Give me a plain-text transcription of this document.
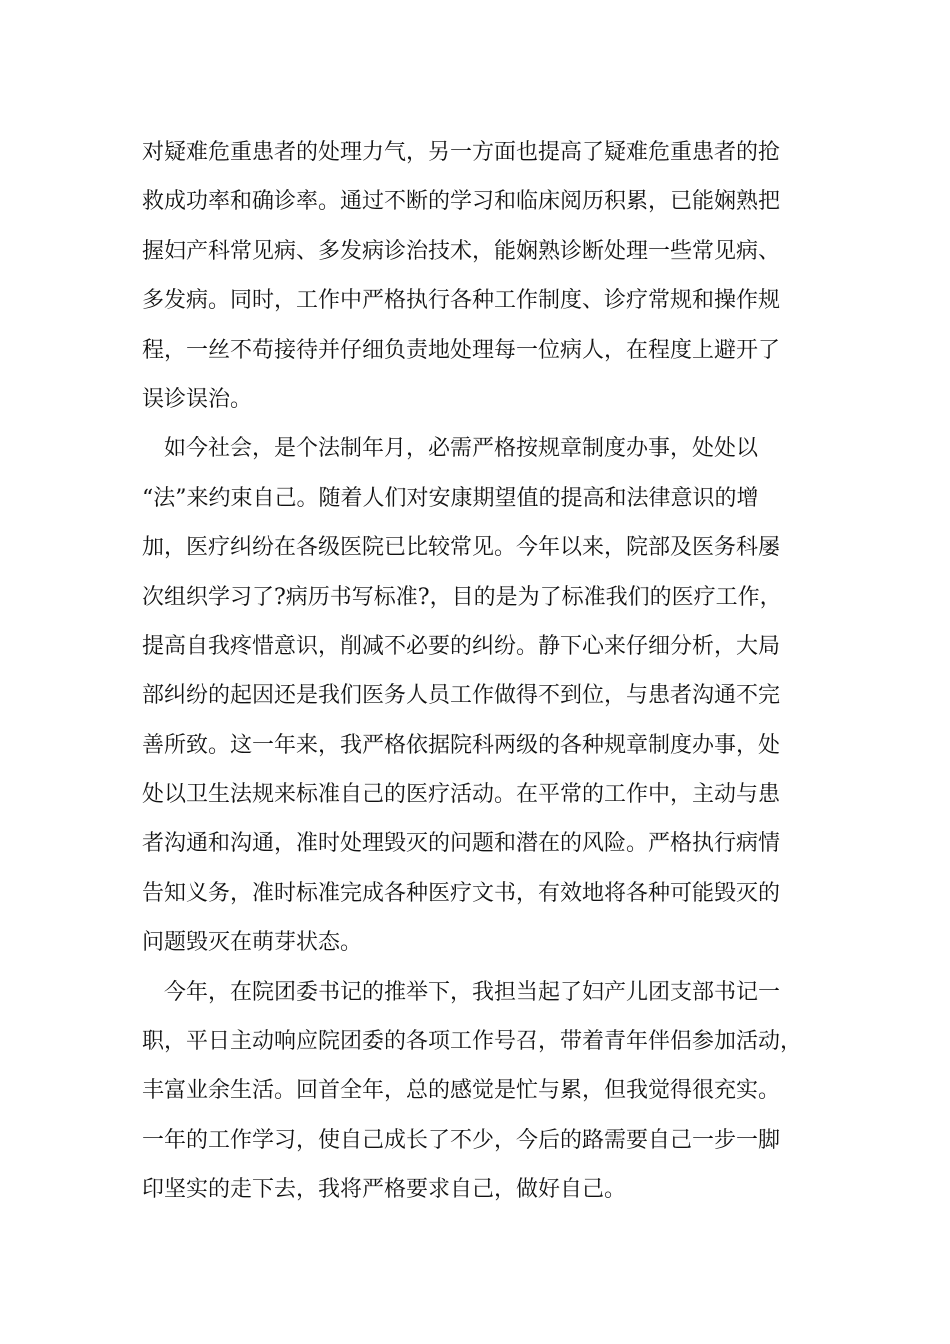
对疑难危重患者的处理力气，另一方面也提高了疑难危重患者的抢
救成功率和确诊率。通过不断的学习和临床阅历积累，已能娴熟把
握妇产科常见病、多发病诊治技术，能娴熟诊断处理一些常见病、
多发病。同时，工作中严格执行各种工作制度、诊疗常规和操作规
程，一丝不苟接待并仔细负责地处理每一位病人，在程度上避开了
误诊误治。
　如今社会，是个法制年月，必需严格按规章制度办事，处处以
“法”来约束自己。随着人们对安康期望值的提高和法律意识的增
加，医疗纠纷在各级医院已比较常见。今年以来，院部及医务科屡
次组织学习了?病历书写标准?，目的是为了标准我们的医疗工作，
提高自我疼惜意识，削减不必要的纠纷。静下心来仔细分析，大局
部纠纷的起因还是我们医务人员工作做得不到位，与患者沟通不完
善所致。这一年来，我严格依据院科两级的各种规章制度办事，处
处以卫生法规来标准自己的医疗活动。在平常的工作中，主动与患
者沟通和沟通，准时处理毁灭的问题和潜在的风险。严格执行病情
告知义务，准时标准完成各种医疗文书，有效地将各种可能毁灭的
问题毁灭在萌芽状态。
　今年，在院团委书记的推举下，我担当起了妇产儿团支部书记一
职，平日主动响应院团委的各项工作号召，带着青年伴侣参加活动，
丰富业余生活。回首全年，总的感觉是忙与累，但我觉得很充实。
一年的工作学习，使自己成长了不少，今后的路需要自己一步一脚
印坚实的走下去，我将严格要求自己，做好自己。
